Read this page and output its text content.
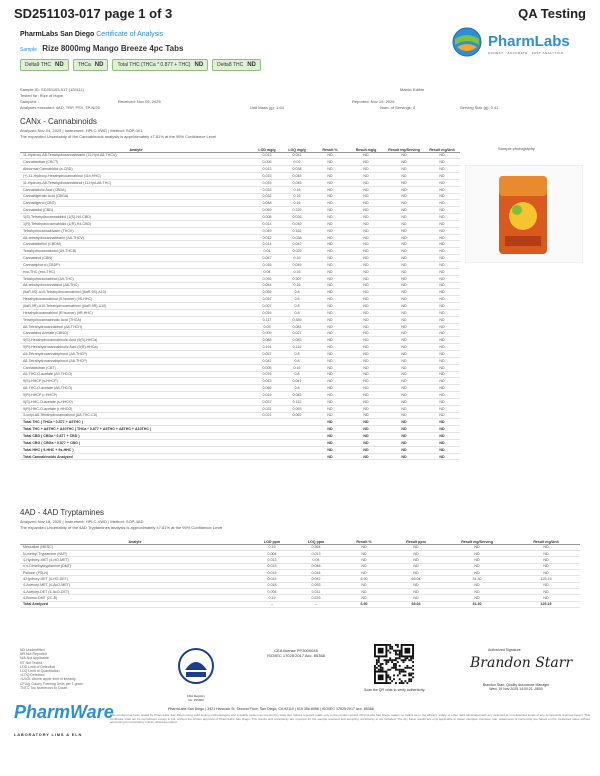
SD251103-017 page 1 of 3	QA Testing
PharmLabs San Diego Certificate of Analysis
Sample Rize 8000mg Mango Breeze 4pc Tabs
Delta9 THC ND	THCa ND	Total THC (THCa * 0.877 + THC) ND	Delta8 THC ND
PharmLabs
HONEST · ACCURATE · FAST ANALYTICS
Sample ID: SD251103-017 (126111)
Tested for: Rize of Hope
Sampled: -
Analyses executed: 4AD, TRP, PSY, TP-N/20
Received: Nov 05, 2025
Unit Mass (g): 1.64
Matrix: Edible
Reported: Nov 19, 2025
Num. of Servings: 4	Serving Size (g): 0.41
CANx - Cannabinoids
Analyzed Nov 04, 2025 | Instrument: HPLC-VWD | Method: SOP-001
The expanded Uncertainty of the Cannabinoids analysis is approximately ±7.81% at the 95% Confidence Level
Analyte	LOD mg/g	LOQ mg/g	Result %	Result mg/g	Result mg/Serving	Result mg/Unit
11-Hydroxy-Δ8-Tetrahydrocannabivarin (11-Hyd-Δ8-THCV)	0.013	0.041	ND	ND	ND	ND
Cannabicitran (CBCT)	0.006	0.02	ND	ND	ND	ND
Abnormal Cannabidiol (a-CBD)	0.013	0.038	ND	ND	ND	ND
(+)-11-Hydroxy-Hexahydrocannabinol (11b-HHC)	0.015	0.045	ND	ND	ND	ND
11-Hydroxy-Δ8-Tetrahydrocannabinol (11-Hyd-Δ8-THC)	0.015	0.045	ND	ND	ND	ND
Cannabidiolic Acid (CBDA)	0.033	0.16	ND	ND	ND	ND
Cannabigerolic Acid (CBGA)	0.033	0.16	ND	ND	ND	ND
Cannabigerol (CBG)	0.048	0.16	ND	ND	ND	ND
Cannabidiol (CBD)	0.069	0.229	ND	ND	ND	ND
1(S)-Tetrahydrocannabidiol (1(S)-H4-CBD)	0.008	0.026	ND	ND	ND	ND
1(R)-Tetrahydrocannabidiol (1(R)-H4-CBD)	0.014	0.049	ND	ND	ND	ND
Tetrahydrocannabivarin (THCV)	0.049	0.162	ND	ND	ND	ND
Δ8-tetrahydrocannabivarin (Δ8-THCV)	0.012	0.038	ND	ND	ND	ND
Cannabidiethol (CBDM)	0.014	0.042	ND	ND	ND	ND
Tetrahydrocannabutol (Δ9-THCB)	0.01	0.029	ND	ND	ND	ND
Cannabinol (CBN)	0.047	0.16	ND	ND	ND	ND
Cannabiphorol (CBDP)	0.016	0.049	ND	ND	ND	ND
exo-THC (exo-THC)	0.04	0.16	ND	ND	ND	ND
Tetrahydrocannabinol (Δ9-THC)	0.092	0.307	ND	ND	ND	ND
Δ8-tetrahydrocannabinol (Δ8-THC)	0.044	0.16	ND	ND	ND	ND
(6aR,9S)-Δ10-Tetrahydrocannabinol ((6aR,9S)-Δ10)	0.055	0.8	ND	ND	ND	ND
Hexahydrocannabinol (S Isomer) (9S-HHC)	0.057	0.8	ND	ND	ND	ND
(6aR,9R)-Δ10-Tetrahydrocannabinol ((6aR,9R)-Δ10)	0.007	0.8	ND	ND	ND	ND
Hexahydrocannabinol (R Isomer) (9R-HHC)	0.016	0.8	ND	ND	ND	ND
Tetrahydrocannabinolic Acid (THCA)	0.117	0.389	ND	ND	ND	ND
Δ8-Tetrahydrocannabinol (Δ8-THCH)	0.03	0.081	ND	ND	ND	ND
Cannabinol Acetate (CBNO)	0.009	0.027	ND	ND	ND	ND
9(S)-Hexahydrocannabinolic Acid (9(S)-HHCa)	0.083	0.083	ND	ND	ND	ND
9(R)-Hexahydrocannabinolic Acid (9(R)-HHCa)	0.191	0.116	ND	ND	ND	ND
Δ9-Tetrahydrocannabiphorol (Δ9-THCP)	0.057	0.8	ND	ND	ND	ND
Δ8-Tetrahydrocannabiphorol (Δ8-THCP)	0.041	0.8	ND	ND	ND	ND
Cannabicitran (CBT)	0.005	0.16	ND	ND	ND	ND
Δ9-THC-O-acetate (Δ9-THCO)	0.076	0.8	ND	ND	ND	ND
9(S)-HHCP (s-HHCP)	0.013	0.041	ND	ND	ND	ND
Δ8-THC-O-acetate (Δ8-THCO)	0.065	0.8	ND	ND	ND	ND
9(R)-HHCP (r-HHCP)	0.015	0.045	ND	ND	ND	ND
9(S)-HHC-O-acetate (s-HHCO)	0.037	0.112	ND	ND	ND	ND
9(R)-HHC-O-acetate (r-HHCO)	0.031	0.093	ND	ND	ND	ND
3-octyl-Δ8-Tetrahydrocannabinol (Δ8-THC-C8)	0.021	0.062	ND	ND	ND	ND
Total THC ( THCa * 0.877 + Δ9THC )			ND	ND	ND	ND
Total THC + Δ8THC + Δ10THC ( THCa * 0.877 + Δ9THC + Δ8THC + Δ10THC )			ND	ND	ND	ND
Total CBD ( CBDa * 0.877 + CBD )			ND	ND	ND	ND
Total CBG ( CBGa * 0.877 + CBG )			ND	ND	ND	ND
Total HHC ( 9-HHC + 9s-HHC )			ND	ND	ND	ND
Total Cannabinoids Analyzed			ND	ND	ND	ND
Sample photography
4AD - 4AD Tryptamines
Analyzed Nov 18, 2025 | Instrument: HPLC-VWD | Method: SOP-4AD
The expanded Uncertainty of the 4AD Tryptamines analysis is approximately ±7.81% at the 95% Confidence Level
Analyte	LOD ppm	LOQ ppm	Result %	Result ppm	Result mg/Serving	Result mg/Unit
Mescaline (MESC)	0.19	0.564	ND	ND	ND	ND
N-methyl Tryptamine (NMT)	0.004	0.013	ND	ND	ND	ND
4-Hydroxy-MET (4-HO-MET)	0.013	0.04	ND	ND	ND	ND
n,n-Dimethyltryptamine (DMT)	0.015	0.048	ND	ND	ND	ND
Psilocin (PSLN)	0.015	0.044	ND	ND	ND	ND
4-Hydroxy-DET (4-HO-DET)	0.014	0.042	6.90	69.04	31.30	125.19
4-Acetoxy-MET (4-AcO-MET)	0.018	0.053	ND	ND	ND	ND
4-Acetoxy-DET (4-AcO-DET)	0.004	0.011	ND	ND	ND	ND
4-Bromo-DMT (2C-B)	0.19	0.576	ND	ND	ND	ND
Total Analyzed	-	-	6.90	69.04	31.30	125.19
ND Unidentified
NR Not Reported
N/A Not Applicable
NT Not Tested
LOD Limit of Detection
LOQ Limit of Quantitation
<LOQ Detected
>ULOL Above upper limit of linearity
CFU/g Colony Forming Units per 1 gram
TNTC Too Numerous to Count
FDA Registry
No: #35300
CEA license PP3000045
ISO/IEC 17025:2017 Acc. 85368
Scan the QR code to verify authenticity.
Authorized Signature
Brandon Starr
Brandon Starr, Quality Assurance Manager
Wed, 19 Nov 2025 14:00:21 -0800
PharmWare
LABORATORY LIMS & ELN
PharmLabs San Diego | 3421 Hancock St, Second Floor, San Diego, CA 92110 | 619.356.6996 | ISO/IEC 17025:2017 Acc. 85368
This product has been tested by PharmLabs San Diego using valid testing methodologies and a quality system as required by state law. Values reported relate only to the product tested. PharmLabs San Diego makes no claims as to the efficacy, safety or other risks associated with any detected or non-detected levels of any compounds reported herein. This Certificate shall not be reproduced except in full, without the written approval of PharmLabs San Diego. The results and uncertainty are reported for the sample received and sampling uncertainty is not included. The dry basis results are only applicable to flower samples. Decision rule: statements of conformity are based on the measured value without accounting for uncertainty unless otherwise stated.
